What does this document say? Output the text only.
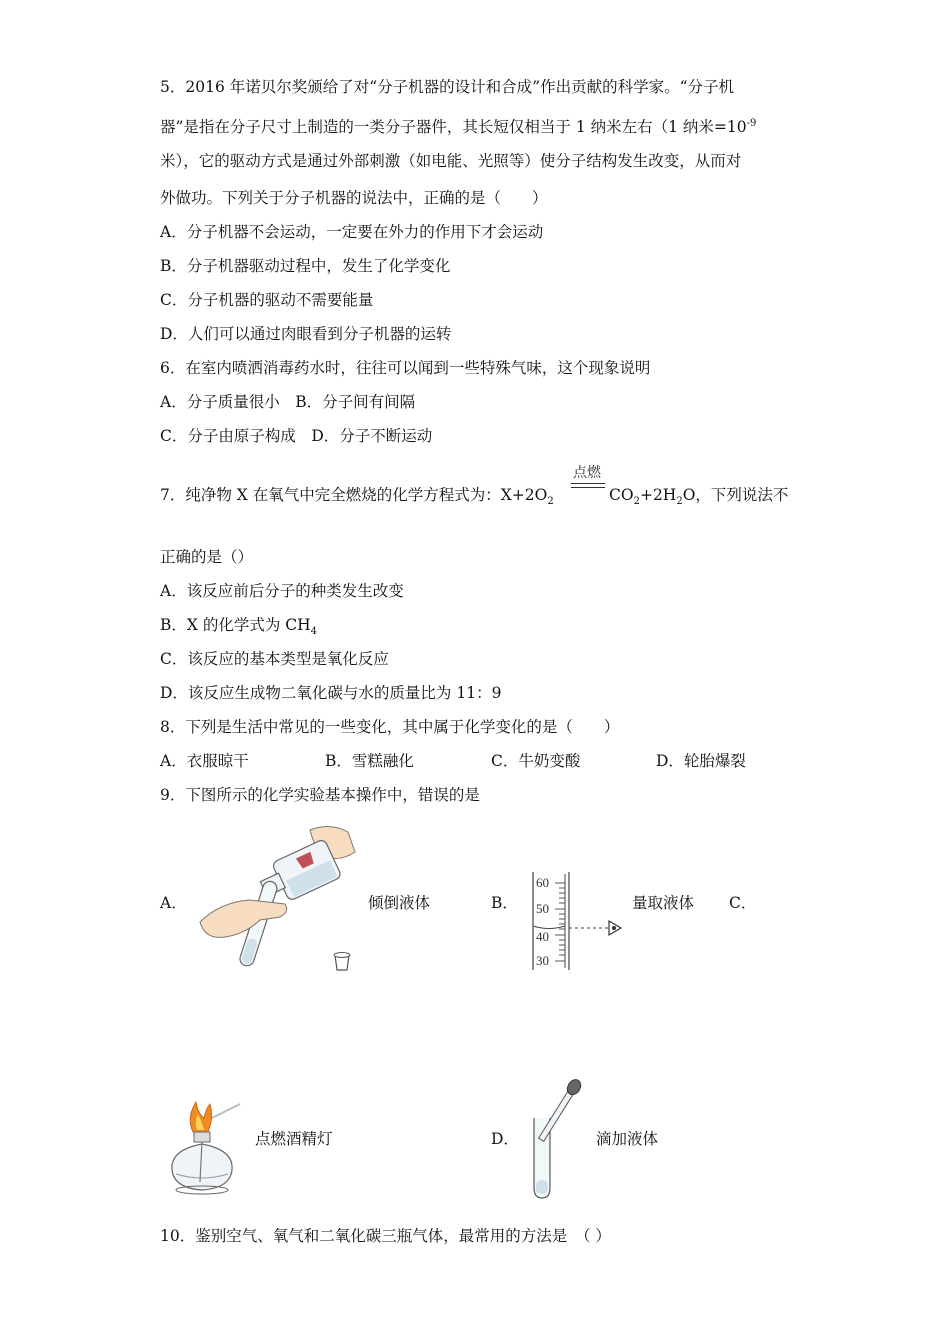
5．2016 年诺贝尔奖颁给了对“分子机器的设计和合成”作出贡献的科学家。“分子机
器”是指在分子尺寸上制造的一类分子器件，其长短仅相当于 1 纳米左右（1 纳米$=10^{-9}$
米），它的驱动方式是通过外部刺激（如电能、光照等）使分子结构发生改变，从而对
外做功。下列关于分子机器的说法中，正确的是（　　）
A．分子机器不会运动，一定要在外力的作用下才会运动
B．分子机器驱动过程中，发生了化学变化
C．分子机器的驱动不需要能量
D．人们可以通过肉眼看到分子机器的运转
6．在室内喷洒消毒药水时，往往可以闻到一些特殊气味，这个现象说明
A．分子质量很小　B．分子间有间隔
C．分子由原子构成　D．分子不断运动
点燃
7．纯净物 X 在氧气中完全燃烧的化学方程式为：$X+2O_2$	$CO_2+2H_2O$，下列说法不
正确的是（）
A．该反应前后分子的种类发生改变
B．X 的化学式为 $CH_4$
C．该反应的基本类型是氧化反应
D．该反应生成物二氧化碳与水的质量比为 11：9
8．下列是生活中常见的一些变化，其中属于化学变化的是（　　）
A．衣服晾干	B．雪糕融化	C．牛奶变酸	D．轮胎爆裂
9．下图所示的化学实验基本操作中，错误的是
A．	倾倒液体	B．
60
50
40
30
量取液体 C．
点燃酒精灯	D．	滴加液体
10．鉴别空气、氧气和二氧化碳三瓶气体，最常用的方法是　（ ）
